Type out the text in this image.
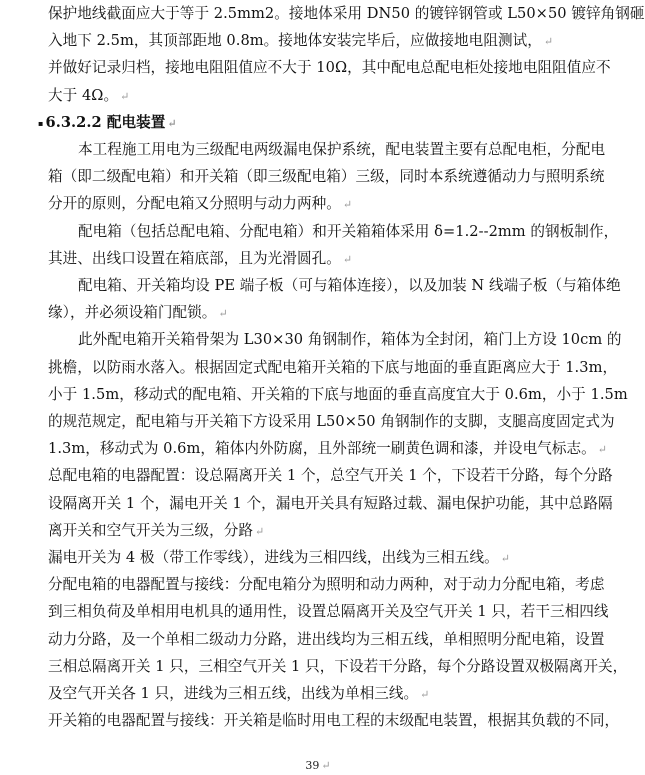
保护地线截面应大于等于 2.5mm2。接地体采用 DN50 的镀锌钢管或 L50×50 镀锌角钢砸
入地下 2.5m，其顶部距地 0.8m。接地体安装完毕后，应做接地电阻测试， ↵
并做好记录归档，接地电阻阻值应不大于 10Ω，其中配电总配电柜处接地电阻阻值应不
大于 4Ω。 ↵
▪ 6.3.2.2 配电装置 ↵
本工程施工用电为三级配电两级漏电保护系统，配电装置主要有总配电柜，分配电
箱（即二级配电箱）和开关箱（即三级配电箱）三级，同时本系统遵循动力与照明系统
分开的原则，分配电箱又分照明与动力两种。 ↵
配电箱（包括总配电箱、分配电箱）和开关箱箱体采用 δ=1.2--2mm 的钢板制作，
其进、出线口设置在箱底部，且为光滑圆孔。 ↵
配电箱、开关箱均设 PE 端子板（可与箱体连接），以及加装 N 线端子板（与箱体绝
缘），并必须设箱门配锁。 ↵
此外配电箱开关箱骨架为 L30×30 角钢制作，箱体为全封闭，箱门上方设 10cm 的
挑檐，以防雨水落入。根据固定式配电箱开关箱的下底与地面的垂直距离应大于 1.3m，
小于 1.5m，移动式的配电箱、开关箱的下底与地面的垂直高度宜大于 0.6m，小于 1.5m
的规范规定，配电箱与开关箱下方设采用 L50×50 角钢制作的支脚，支腿高度固定式为
1.3m，移动式为 0.6m，箱体内外防腐，且外部统一刷黄色调和漆，并设电气标志。 ↵
总配电箱的电器配置：设总隔离开关 1 个，总空气开关 1 个，下设若干分路，每个分路
设隔离开关 1 个，漏电开关 1 个，漏电开关具有短路过载、漏电保护功能，其中总路隔
离开关和空气开关为三级，分路 ↵
漏电开关为 4 极（带工作零线），进线为三相四线，出线为三相五线。 ↵
分配电箱的电器配置与接线：分配电箱分为照明和动力两种，对于动力分配电箱，考虑
到三相负荷及单相用电机具的通用性，设置总隔离开关及空气开关 1 只，若干三相四线
动力分路，及一个单相二级动力分路，进出线均为三相五线，单相照明分配电箱，设置
三相总隔离开关 1 只，三相空气开关 1 只，下设若干分路，每个分路设置双极隔离开关，
39 ↵
及空气开关各 1 只，进线为三相五线，出线为单相三线。 ↵
开关箱的电器配置与接线：开关箱是临时用电工程的末级配电装置，根据其负载的不同，
